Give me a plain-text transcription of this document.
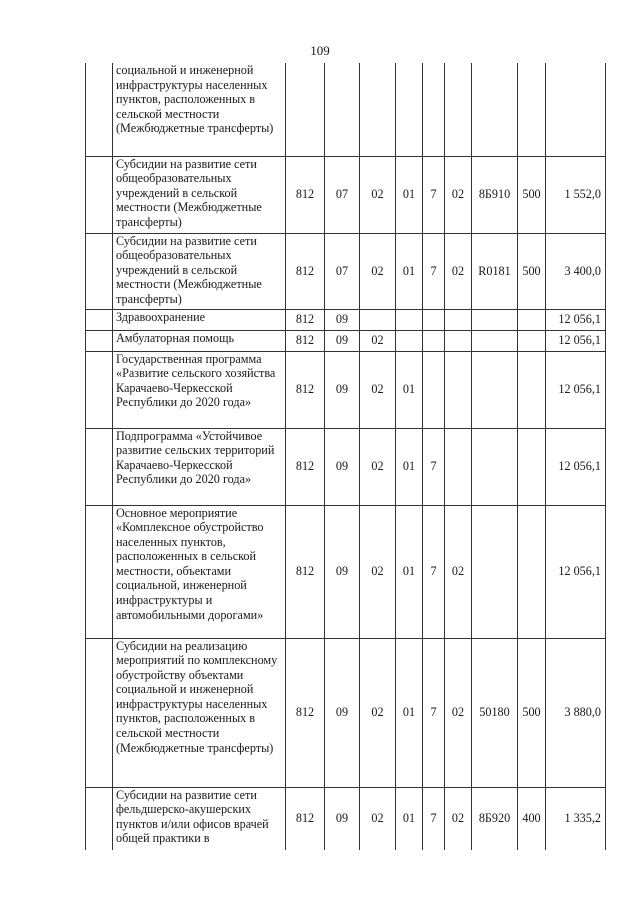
109
	социальной и инженерной инфраструктуры населенных пунктов, расположенных в сельской местности (Межбюджетные трансферты)									
	Субсидии на развитие сети общеобразовательных учреждений в сельской местности (Межбюджетные трансферты)	812	07	02	01	7	02	8Б910	500	1 552,0
	Субсидии на развитие сети общеобразовательных учреждений в сельской местности (Межбюджетные трансферты)	812	07	02	01	7	02	R0181	500	3 400,0
	Здравоохранение	812	09							12 056,1
	Амбулаторная помощь	812	09	02						12 056,1
	Государственная программа «Развитие сельского хозяйства Карачаево-Черкесской Республики до 2020 года»	812	09	02	01					12 056,1
	Подпрограмма «Устойчивое развитие сельских территорий Карачаево-Черкесской Республики до 2020 года»	812	09	02	01	7				12 056,1
	Основное мероприятие «Комплексное обустройство населенных пунктов, расположенных в сельской местности, объектами социальной, инженерной инфраструктуры и автомобильными дорогами»	812	09	02	01	7	02			12 056,1
	Субсидии на реализацию мероприятий по комплексному обустройству объектами социальной и инженерной инфраструктуры населенных пунктов, расположенных в сельской местности (Межбюджетные трансферты)	812	09	02	01	7	02	50180	500	3 880,0
	Субсидии на развитие сети фельдшерско-акушерских пунктов и/или офисов врачей общей практики в	812	09	02	01	7	02	8Б920	400	1 335,2
